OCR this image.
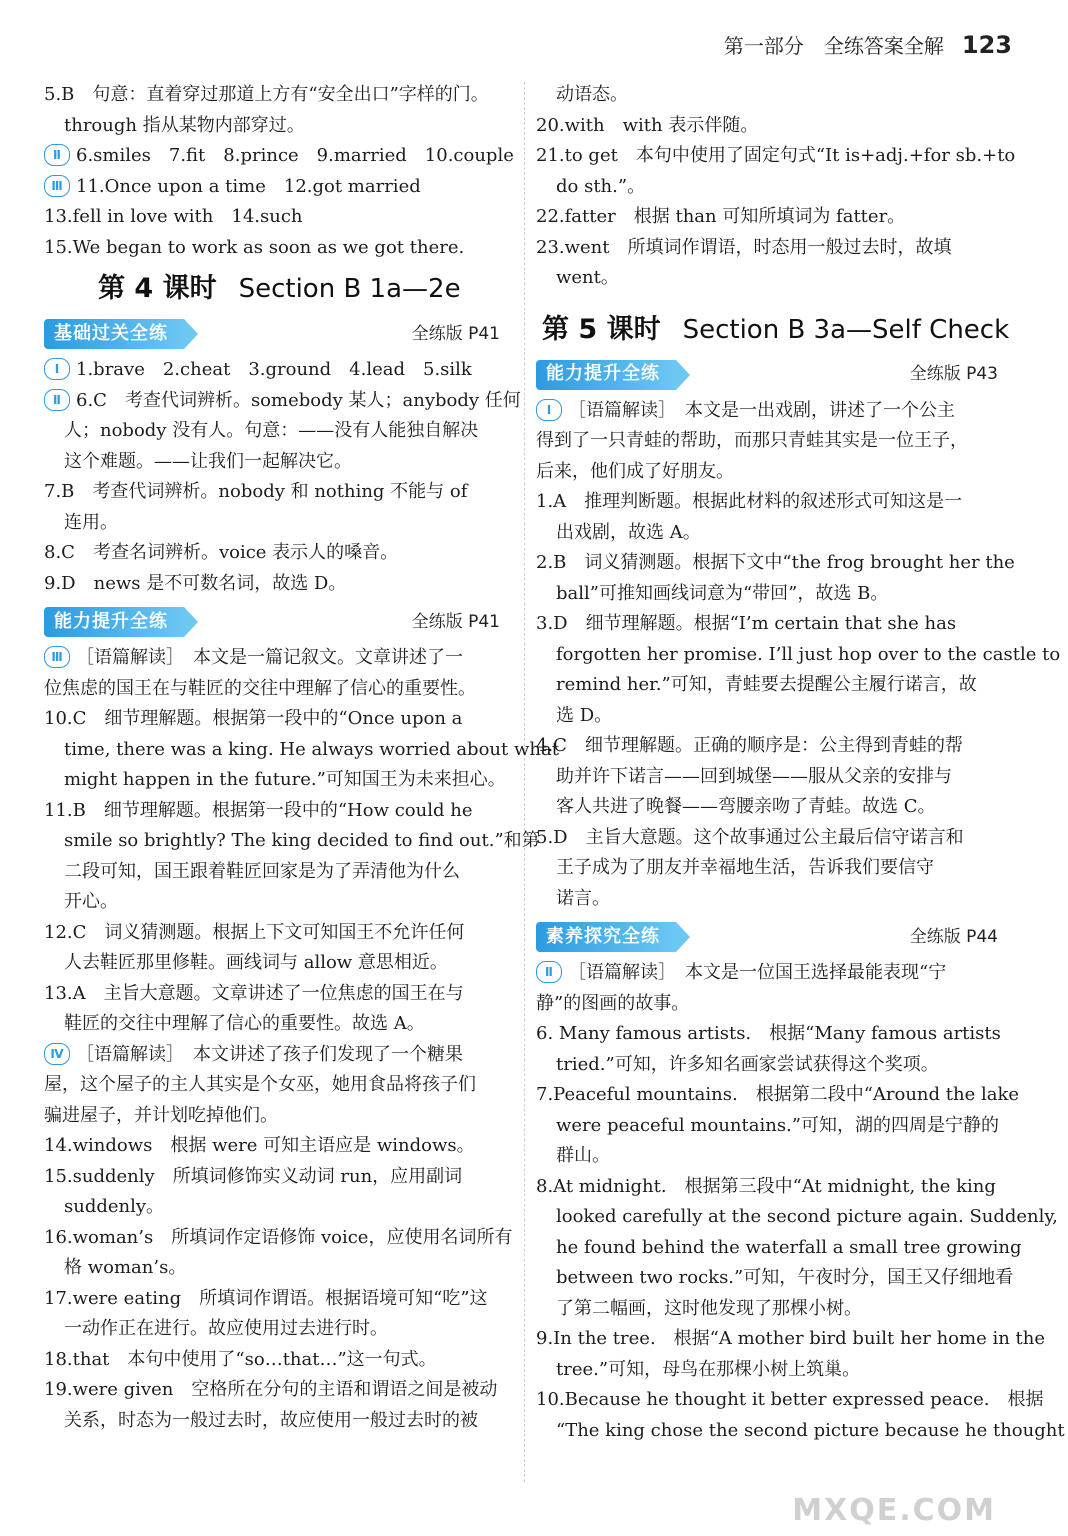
第一部分　全练答案全解 123
5.B　句意：直着穿过那道上方有“安全出口”字样的门。
through 指从某物内部穿过。
Ⅱ 6.smiles　7.fit　8.prince　9.married　10.couple
Ⅲ 11.Once upon a time　12.got married
13.fell in love with　14.such
15.We began to work as soon as we got there.
第 4 课时 Section B 1a—2e
基础过关全练	全练版 P41
Ⅰ 1.brave　2.cheat　3.ground　4.lead　5.silk
Ⅱ 6.C　考查代词辨析。somebody 某人；anybody 任何
人；nobody 没有人。句意：——没有人能独自解决
这个难题。——让我们一起解决它。
7.B　考查代词辨析。nobody 和 nothing 不能与 of
连用。
8.C　考查名词辨析。voice 表示人的嗓音。
9.D　news 是不可数名词，故选 D。
能力提升全练	全练版 P41
Ⅲ ［语篇解读］　本文是一篇记叙文。文章讲述了一
位焦虑的国王在与鞋匠的交往中理解了信心的重要性。
10.C　细节理解题。根据第一段中的“Once upon a
time, there was a king. He always worried about what
might happen in the future.”可知国王为未来担心。
11.B　细节理解题。根据第一段中的“How could he
smile so brightly? The king decided to find out.”和第
二段可知，国王跟着鞋匠回家是为了弄清他为什么
开心。
12.C　词义猜测题。根据上下文可知国王不允许任何
人去鞋匠那里修鞋。画线词与 allow 意思相近。
13.A　主旨大意题。文章讲述了一位焦虑的国王在与
鞋匠的交往中理解了信心的重要性。故选 A。
Ⅳ ［语篇解读］　本文讲述了孩子们发现了一个糖果
屋，这个屋子的主人其实是个女巫，她用食品将孩子们
骗进屋子，并计划吃掉他们。
14.windows　根据 were 可知主语应是 windows。
15.suddenly　所填词修饰实义动词 run，应用副词
suddenly。
16.woman’s　所填词作定语修饰 voice，应使用名词所有
格 woman’s。
17.were eating　所填词作谓语。根据语境可知“吃”这
一动作正在进行。故应使用过去进行时。
18.that　本句中使用了“so…that…”这一句式。
19.were given　空格所在分句的主语和谓语之间是被动
关系，时态为一般过去时，故应使用一般过去时的被
动语态。
20.with　with 表示伴随。
21.to get　本句中使用了固定句式“It is+adj.+for sb.+to
do sth.”。
22.fatter　根据 than 可知所填词为 fatter。
23.went　所填词作谓语，时态用一般过去时，故填
went。
第 5 课时 Section B 3a—Self Check
能力提升全练	全练版 P43
Ⅰ ［语篇解读］　本文是一出戏剧，讲述了一个公主
得到了一只青蛙的帮助，而那只青蛙其实是一位王子，
后来，他们成了好朋友。
1.A　推理判断题。根据此材料的叙述形式可知这是一
出戏剧，故选 A。
2.B　词义猜测题。根据下文中“the frog brought her the
ball”可推知画线词意为“带回”，故选 B。
3.D　细节理解题。根据“I’m certain that she has
forgotten her promise. I’ll just hop over to the castle to
remind her.”可知，青蛙要去提醒公主履行诺言，故
选 D。
4.C　细节理解题。正确的顺序是：公主得到青蛙的帮
助并许下诺言——回到城堡——服从父亲的安排与
客人共进了晚餐——弯腰亲吻了青蛙。故选 C。
5.D　主旨大意题。这个故事通过公主最后信守诺言和
王子成为了朋友并幸福地生活，告诉我们要信守
诺言。
素养探究全练	全练版 P44
Ⅱ ［语篇解读］　本文是一位国王选择最能表现“宁
静”的图画的故事。
6. Many famous artists.　根据“Many famous artists
tried.”可知，许多知名画家尝试获得这个奖项。
7.Peaceful mountains.　根据第二段中“Around the lake
were peaceful mountains.”可知，湖的四周是宁静的
群山。
8.At midnight.　根据第三段中“At midnight, the king
looked carefully at the second picture again. Suddenly,
he found behind the waterfall a small tree growing
between two rocks.”可知，午夜时分，国王又仔细地看
了第二幅画，这时他发现了那棵小树。
9.In the tree.　根据“A mother bird built her home in the
tree.”可知，母鸟在那棵小树上筑巢。
10.Because he thought it better expressed peace.　根据
“The king chose the second picture because he thought
MXQE.COM
